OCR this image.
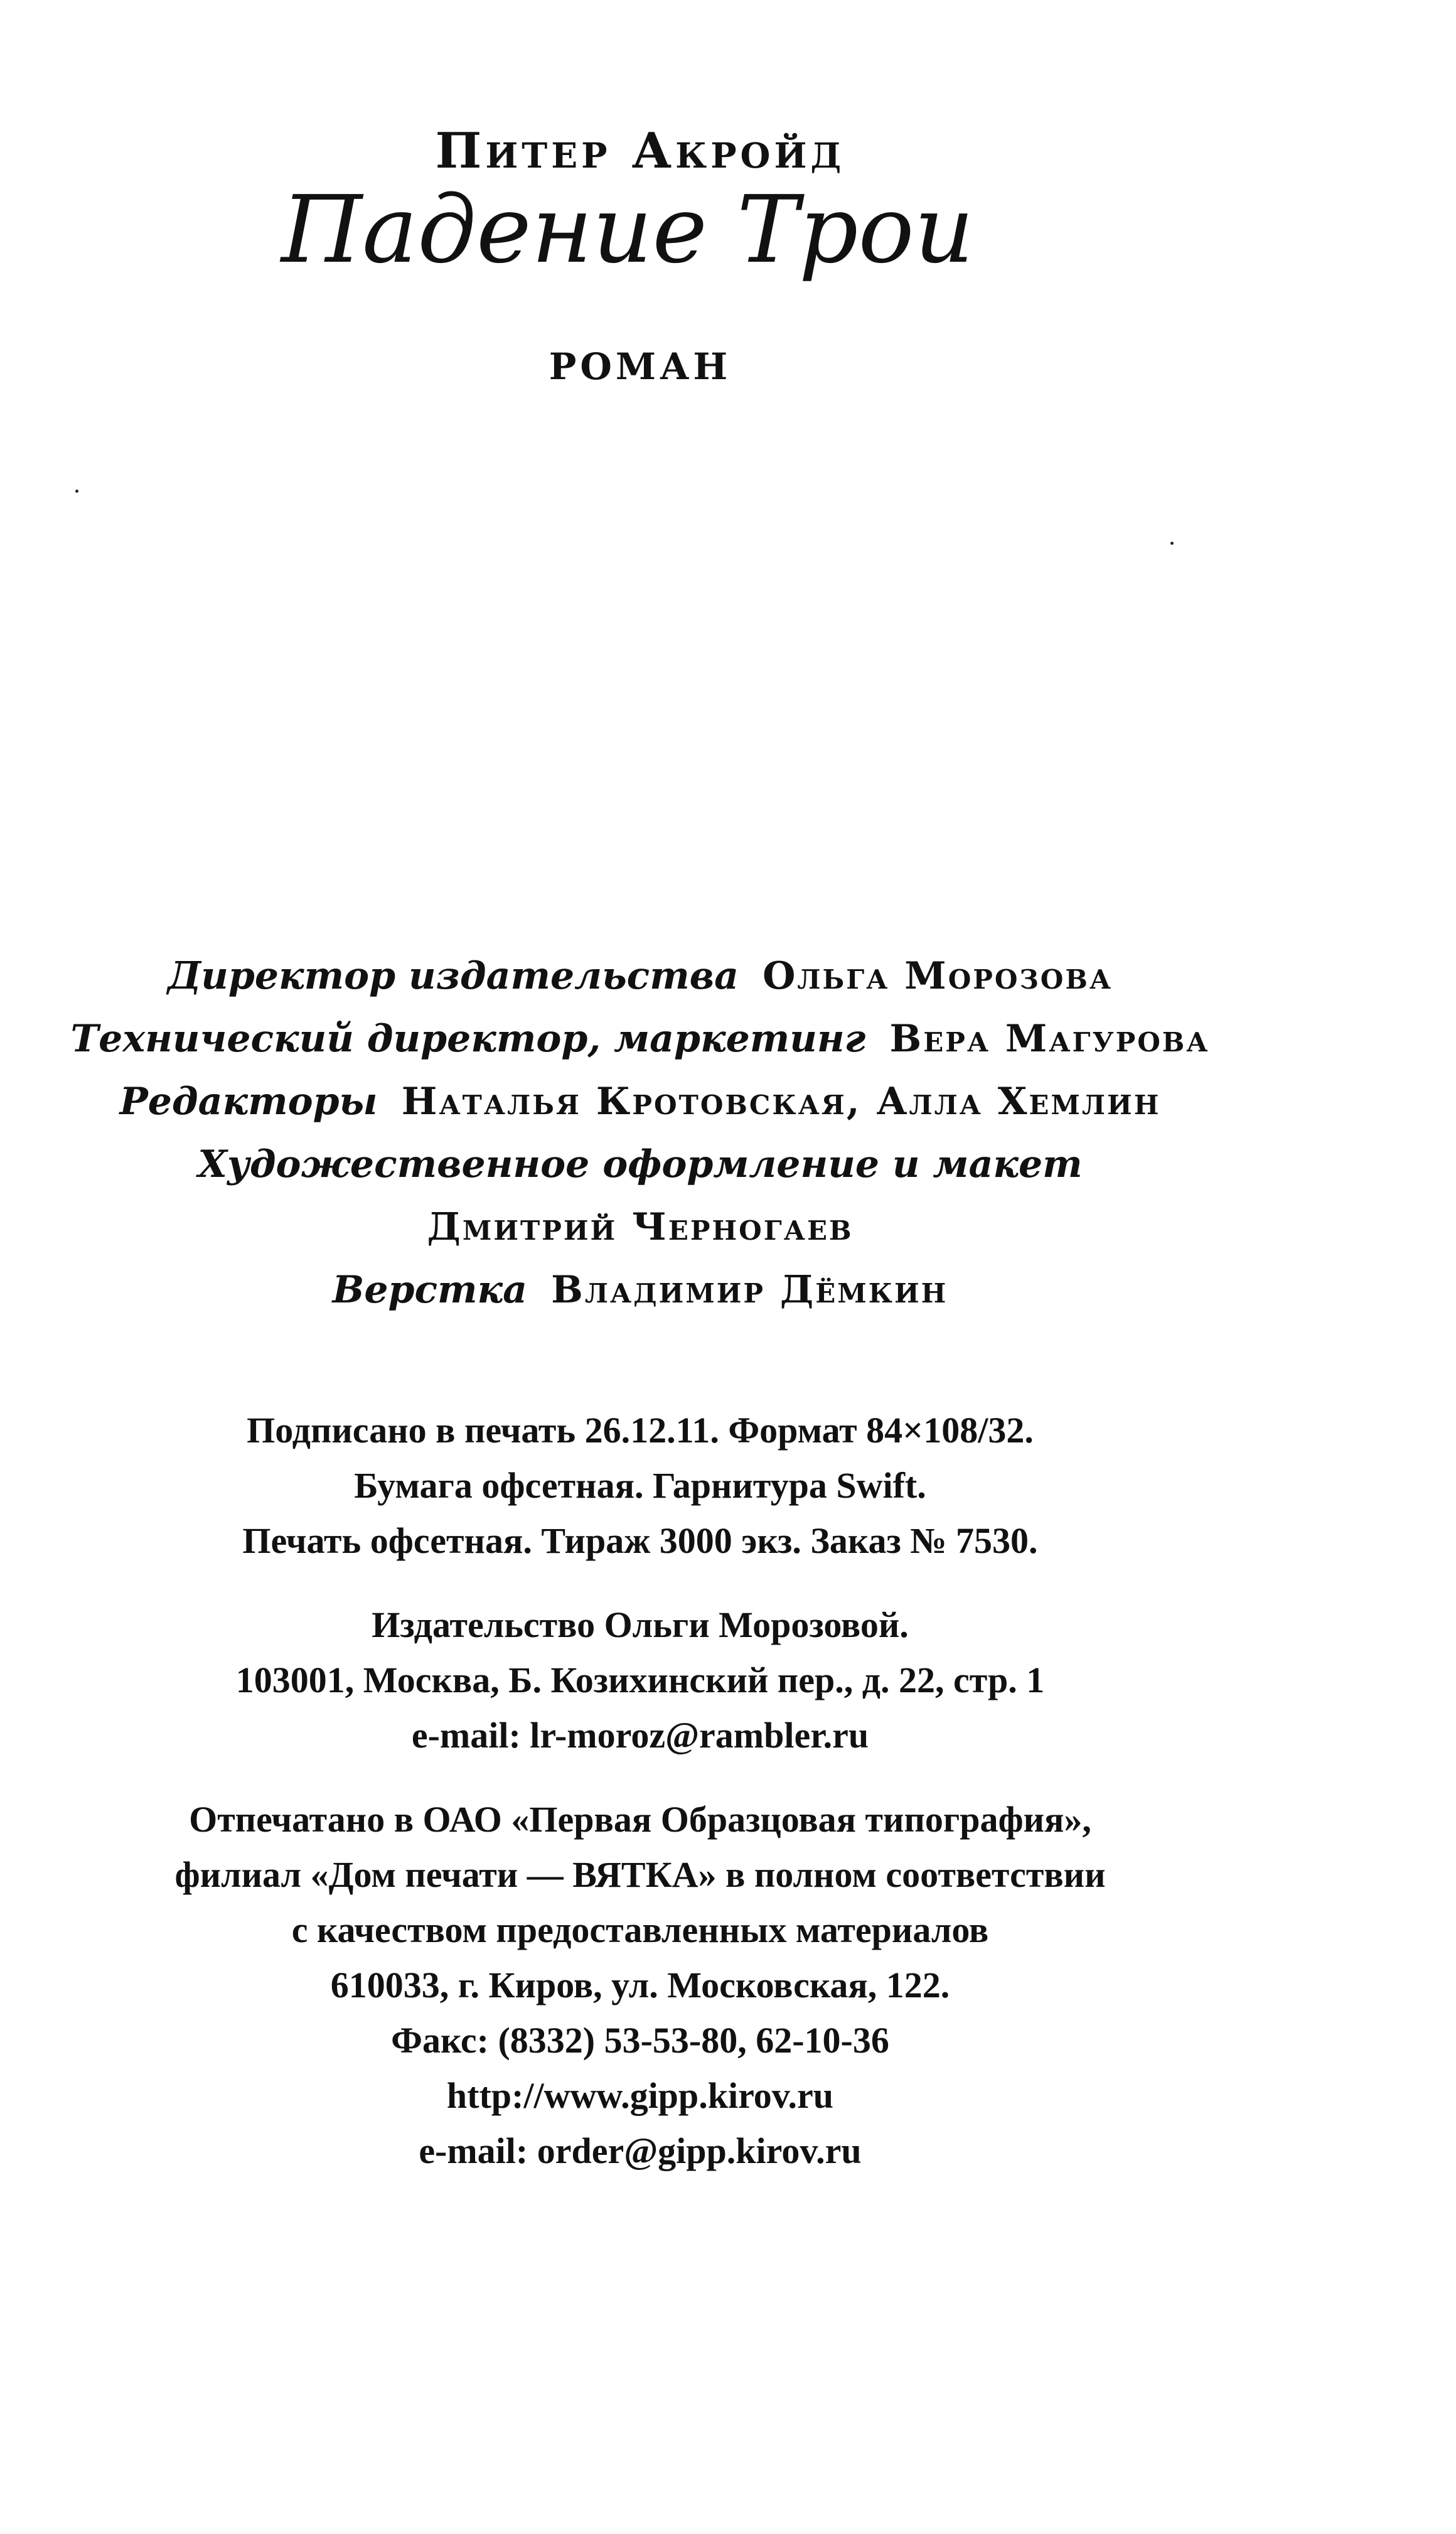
Питер Акройд
Падение Трои
РОМАН
Директор издательства Ольга Морозова
Технический директор, маркетинг Вера Магурова
Редакторы Наталья Кротовская, Алла Хемлин
Художественное оформление и макет
Дмитрий Черногаев
Верстка Владимир Дёмкин
Подписано в печать 26.12.11. Формат 84×108/32.
Бумага офсетная. Гарнитура Swift.
Печать офсетная. Тираж 3000 экз. Заказ № 7530.
Издательство Ольги Морозовой.
103001, Москва, Б. Козихинский пер., д. 22, стр. 1
e-mail: lr-moroz@rambler.ru
Отпечатано в ОАО «Первая Образцовая типография»,
филиал «Дом печати — ВЯТКА» в полном соответствии
с качеством предоставленных материалов
610033, г. Киров, ул. Московская, 122.
Факс: (8332) 53-53-80, 62-10-36
http://www.gipp.kirov.ru
e-mail: order@gipp.kirov.ru
